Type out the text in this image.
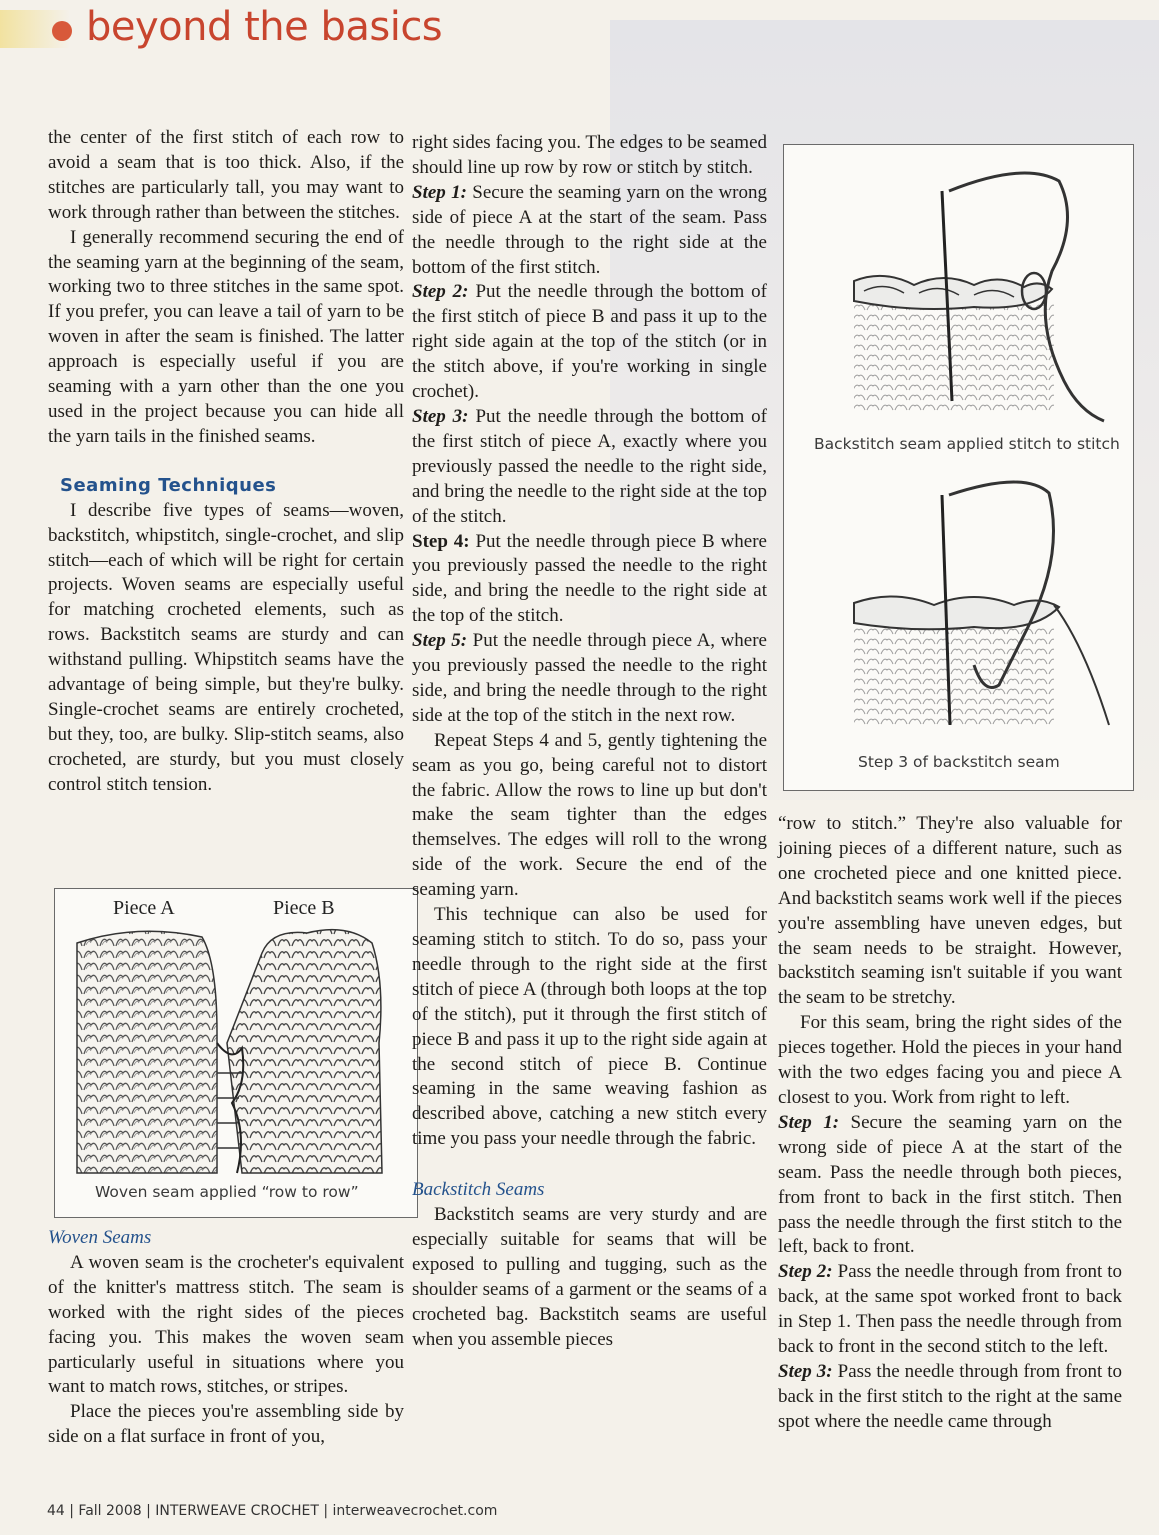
beyond the basics

the center of the first stitch of each row to avoid a seam that is too thick. Also, if the stitches are particularly tall, you may want to work through rather than between the stitches.

I generally recommend securing the end of the seaming yarn at the beginning of the seam, working two to three stitches in the same spot. If you prefer, you can leave a tail of yarn to be woven in after the seam is finished. The latter approach is especially useful if you are seaming with a yarn other than the one you used in the project because you can hide all the yarn tails in the finished seams.

Seaming Techniques

I describe five types of seams—woven, backstitch, whipstitch, single-crochet, and slip stitch—each of which will be right for certain projects. Woven seams are especially useful for matching crocheted elements, such as rows. Backstitch seams are sturdy and can withstand pulling. Whipstitch seams have the advantage of being simple, but they're bulky. Single-crochet seams are entirely crocheted, but they, too, are bulky. Slip-stitch seams, also crocheted, are sturdy, but you must closely control stitch tension.

Piece A	Piece B
Woven seam applied “row to row”

Woven Seams

A woven seam is the crocheter's equivalent of the knitter's mattress stitch. The seam is worked with the right sides of the pieces facing you. This makes the woven seam particularly useful in situations where you want to match rows, stitches, or stripes.

Place the pieces you're assembling side by side on a flat surface in front of you,

right sides facing you. The edges to be seamed should line up row by row or stitch by stitch.

Step 1: Secure the seaming yarn on the wrong side of piece A at the start of the seam. Pass the needle through to the right side at the bottom of the first stitch.

Step 2: Put the needle through the bottom of the first stitch of piece B and pass it up to the right side again at the top of the stitch (or in the stitch above, if you're working in single crochet).

Step 3: Put the needle through the bottom of the first stitch of piece A, exactly where you previously passed the needle to the right side, and bring the needle to the right side at the top of the stitch.

Step 4: Put the needle through piece B where you previously passed the needle to the right side, and bring the needle to the right side at the top of the stitch.

Step 5: Put the needle through piece A, where you previously passed the needle to the right side, and bring the needle through to the right side at the top of the stitch in the next row.

Repeat Steps 4 and 5, gently tightening the seam as you go, being careful not to distort the fabric. Allow the rows to line up but don't make the seam tighter than the edges themselves. The edges will roll to the wrong side of the work. Secure the end of the seaming yarn.

This technique can also be used for seaming stitch to stitch. To do so, pass your needle through to the right side at the first stitch of piece A (through both loops at the top of the stitch), put it through the first stitch of piece B and pass it up to the right side again at the second stitch of piece B. Continue seaming in the same weaving fashion as described above, catching a new stitch every time you pass your needle through the fabric.

Backstitch Seams

Backstitch seams are very sturdy and are especially suitable for seams that will be exposed to pulling and tugging, such as the shoulder seams of a garment or the seams of a crocheted bag. Backstitch seams are useful when you assemble pieces

Backstitch seam applied stitch to stitch
Step 3 of backstitch seam

“row to stitch.” They're also valuable for joining pieces of a different nature, such as one crocheted piece and one knitted piece. And backstitch seams work well if the pieces you're assembling have uneven edges, but the seam needs to be straight. However, backstitch seaming isn't suitable if you want the seam to be stretchy.

For this seam, bring the right sides of the pieces together. Hold the pieces in your hand with the two edges facing you and piece A closest to you. Work from right to left.

Step 1: Secure the seaming yarn on the wrong side of piece A at the start of the seam. Pass the needle through both pieces, from front to back in the first stitch. Then pass the needle through the first stitch to the left, back to front.

Step 2: Pass the needle through from front to back, at the same spot worked front to back in Step 1. Then pass the needle through from back to front in the second stitch to the left.

Step 3: Pass the needle through from front to back in the first stitch to the right at the same spot where the needle came through

44 | Fall 2008 | INTERWEAVE CROCHET | interweavecrochet.com
